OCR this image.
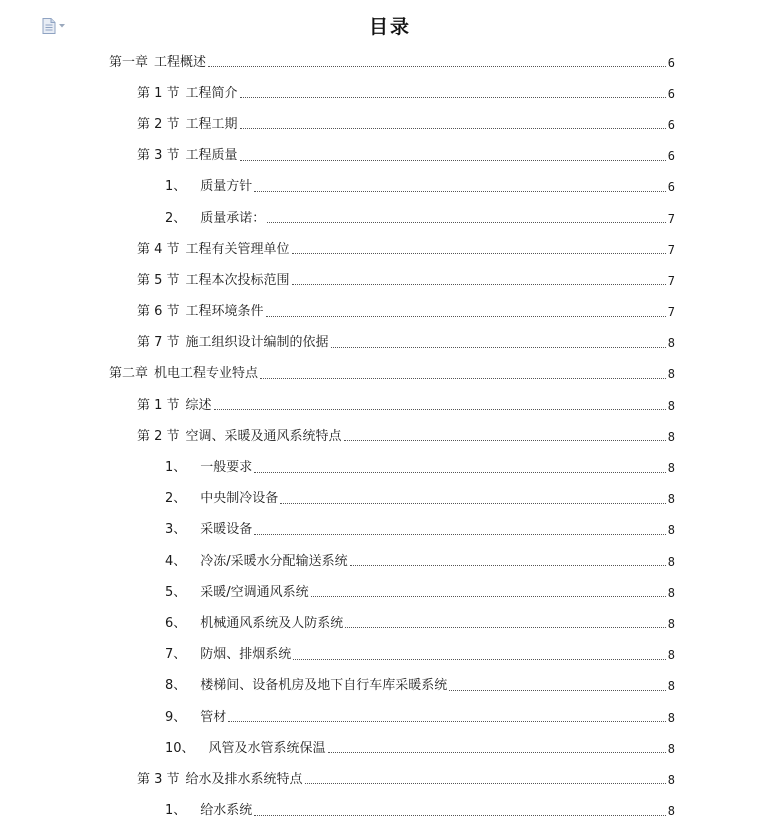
目录
第一章 工程概述	6
第 1 节 工程简介	6
第 2 节 工程工期	6
第 3 节 工程质量	6
1、 质量方针	6
2、 质量承诺：	7
第 4 节 工程有关管理单位	7
第 5 节 工程本次投标范围	7
第 6 节 工程环境条件	7
第 7 节 施工组织设计编制的依据	8
第二章 机电工程专业特点	8
第 1 节 综述	8
第 2 节 空调、采暖及通风系统特点	8
1、 一般要求	8
2、 中央制冷设备	8
3、 采暖设备	8
4、 冷冻/采暖水分配输送系统	8
5、 采暖/空调通风系统	8
6、 机械通风系统及人防系统	8
7、 防烟、排烟系统	8
8、 楼梯间、设备机房及地下自行车库采暖系统	8
9、 管材	8
10、 风管及水管系统保温	8
第 3 节 给水及排水系统特点	8
1、 给水系统	8
